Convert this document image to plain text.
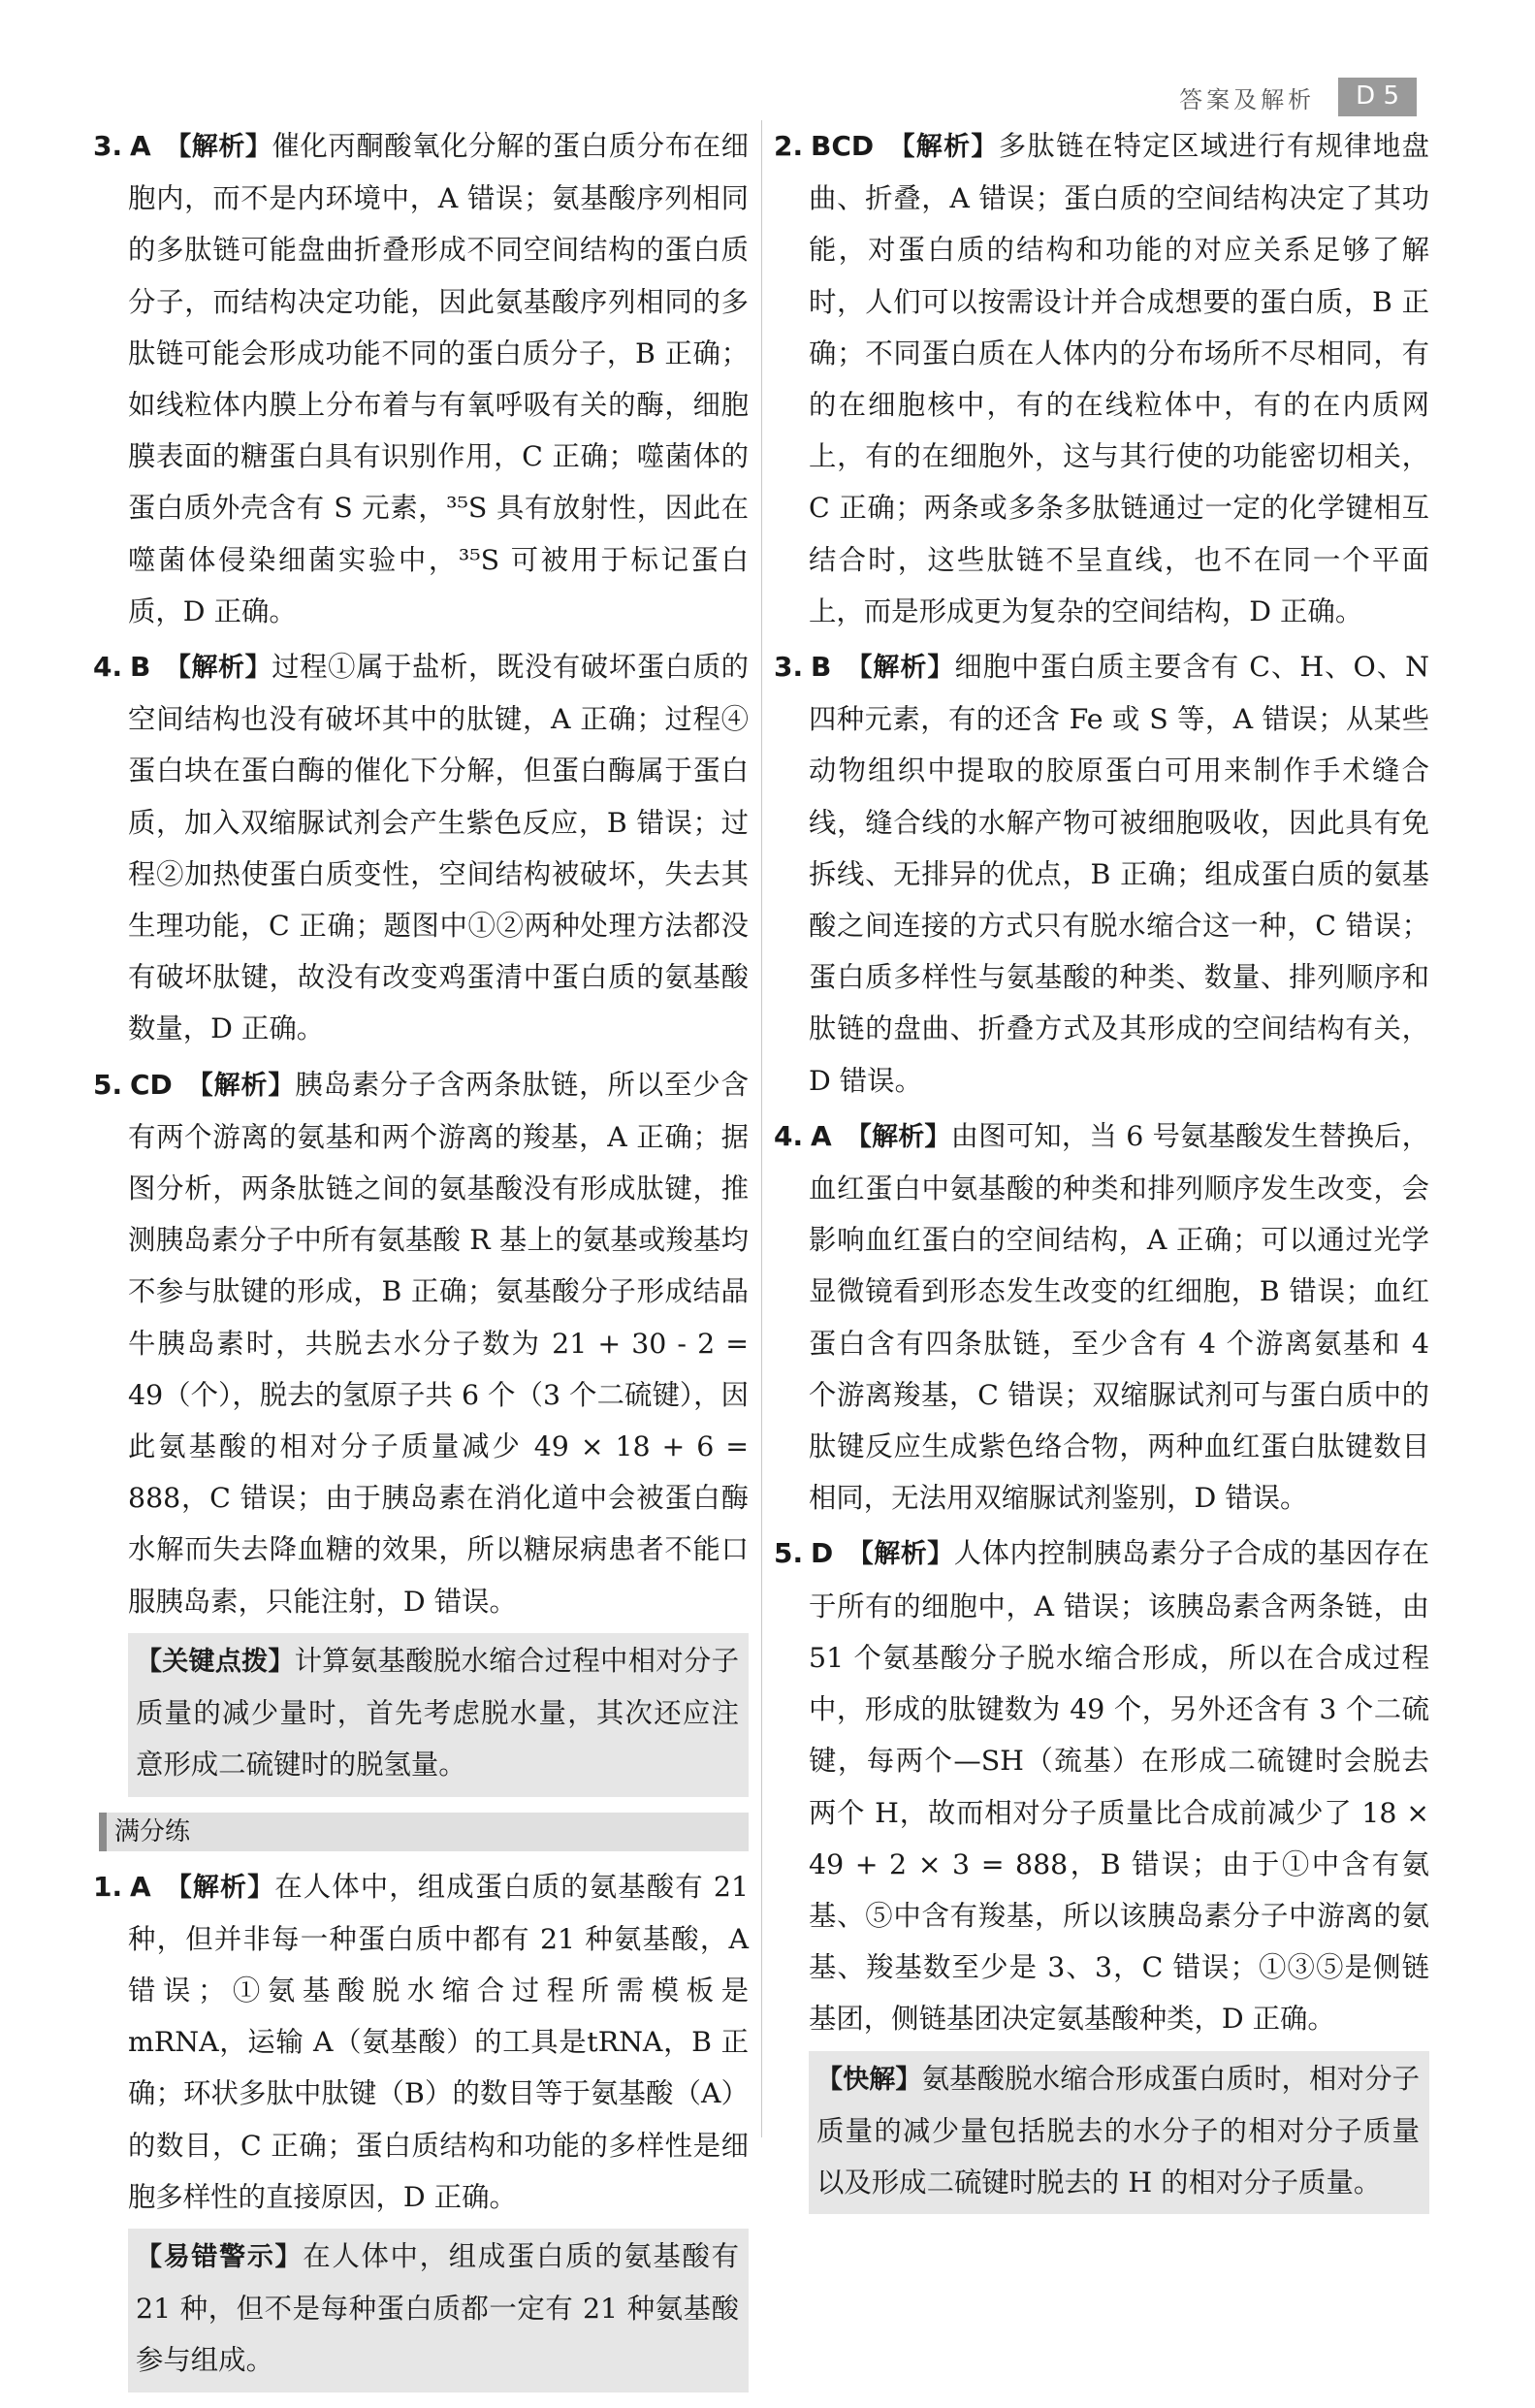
答案及解析	D 5
3. A 【解析】催化丙酮酸氧化分解的蛋白质分布在细胞内，而不是内环境中，A 错误；氨基酸序列相同的多肽链可能盘曲折叠形成不同空间结构的蛋白质分子，而结构决定功能，因此氨基酸序列相同的多肽链可能会形成功能不同的蛋白质分子，B 正确；如线粒体内膜上分布着与有氧呼吸有关的酶，细胞膜表面的糖蛋白具有识别作用，C 正确；噬菌体的蛋白质外壳含有 S 元素，³⁵S 具有放射性，因此在噬菌体侵染细菌实验中，³⁵S 可被用于标记蛋白质，D 正确。
4. B 【解析】过程①属于盐析，既没有破坏蛋白质的空间结构也没有破坏其中的肽键，A 正确；过程④蛋白块在蛋白酶的催化下分解，但蛋白酶属于蛋白质，加入双缩脲试剂会产生紫色反应，B 错误；过程②加热使蛋白质变性，空间结构被破坏，失去其生理功能，C 正确；题图中①②两种处理方法都没有破坏肽键，故没有改变鸡蛋清中蛋白质的氨基酸数量，D 正确。
5. CD 【解析】胰岛素分子含两条肽链，所以至少含有两个游离的氨基和两个游离的羧基，A 正确；据图分析，两条肽链之间的氨基酸没有形成肽键，推测胰岛素分子中所有氨基酸 R 基上的氨基或羧基均不参与肽键的形成，B 正确；氨基酸分子形成结晶牛胰岛素时，共脱去水分子数为 21 + 30 - 2 = 49（个），脱去的氢原子共 6 个（3 个二硫键），因此氨基酸的相对分子质量减少 49 × 18 + 6 = 888，C 错误；由于胰岛素在消化道中会被蛋白酶水解而失去降血糖的效果，所以糖尿病患者不能口服胰岛素，只能注射，D 错误。
【关键点拨】计算氨基酸脱水缩合过程中相对分子质量的减少量时，首先考虑脱水量，其次还应注意形成二硫键时的脱氢量。
满分练
1. A 【解析】在人体中，组成蛋白质的氨基酸有 21 种，但并非每一种蛋白质中都有 21 种氨基酸，A 错误；①氨基酸脱水缩合过程所需模板是 mRNA，运输 A（氨基酸）的工具是tRNA，B 正确；环状多肽中肽键（B）的数目等于氨基酸（A）的数目，C 正确；蛋白质结构和功能的多样性是细胞多样性的直接原因，D 正确。
【易错警示】在人体中，组成蛋白质的氨基酸有 21 种，但不是每种蛋白质都一定有 21 种氨基酸参与组成。
2. BCD 【解析】多肽链在特定区域进行有规律地盘曲、折叠，A 错误；蛋白质的空间结构决定了其功能，对蛋白质的结构和功能的对应关系足够了解时，人们可以按需设计并合成想要的蛋白质，B 正确；不同蛋白质在人体内的分布场所不尽相同，有的在细胞核中，有的在线粒体中，有的在内质网上，有的在细胞外，这与其行使的功能密切相关，C 正确；两条或多条多肽链通过一定的化学键相互结合时，这些肽链不呈直线，也不在同一个平面上，而是形成更为复杂的空间结构，D 正确。
3. B 【解析】细胞中蛋白质主要含有 C、H、O、N 四种元素，有的还含 Fe 或 S 等，A 错误；从某些动物组织中提取的胶原蛋白可用来制作手术缝合线，缝合线的水解产物可被细胞吸收，因此具有免拆线、无排异的优点，B 正确；组成蛋白质的氨基酸之间连接的方式只有脱水缩合这一种，C 错误；蛋白质多样性与氨基酸的种类、数量、排列顺序和肽链的盘曲、折叠方式及其形成的空间结构有关，D 错误。
4. A 【解析】由图可知，当 6 号氨基酸发生替换后，血红蛋白中氨基酸的种类和排列顺序发生改变，会影响血红蛋白的空间结构，A 正确；可以通过光学显微镜看到形态发生改变的红细胞，B 错误；血红蛋白含有四条肽链，至少含有 4 个游离氨基和 4 个游离羧基，C 错误；双缩脲试剂可与蛋白质中的肽键反应生成紫色络合物，两种血红蛋白肽键数目相同，无法用双缩脲试剂鉴别，D 错误。
5. D 【解析】人体内控制胰岛素分子合成的基因存在于所有的细胞中，A 错误；该胰岛素含两条链，由 51 个氨基酸分子脱水缩合形成，所以在合成过程中，形成的肽键数为 49 个，另外还含有 3 个二硫键，每两个—SH（巯基）在形成二硫键时会脱去两个 H，故而相对分子质量比合成前减少了 18 × 49 + 2 × 3 = 888，B 错误；由于①中含有氨基、⑤中含有羧基，所以该胰岛素分子中游离的氨基、羧基数至少是 3、3，C 错误；①③⑤是侧链基团，侧链基团决定氨基酸种类，D 正确。
【快解】氨基酸脱水缩合形成蛋白质时，相对分子质量的减少量包括脱去的水分子的相对分子质量以及形成二硫键时脱去的 H 的相对分子质量。
